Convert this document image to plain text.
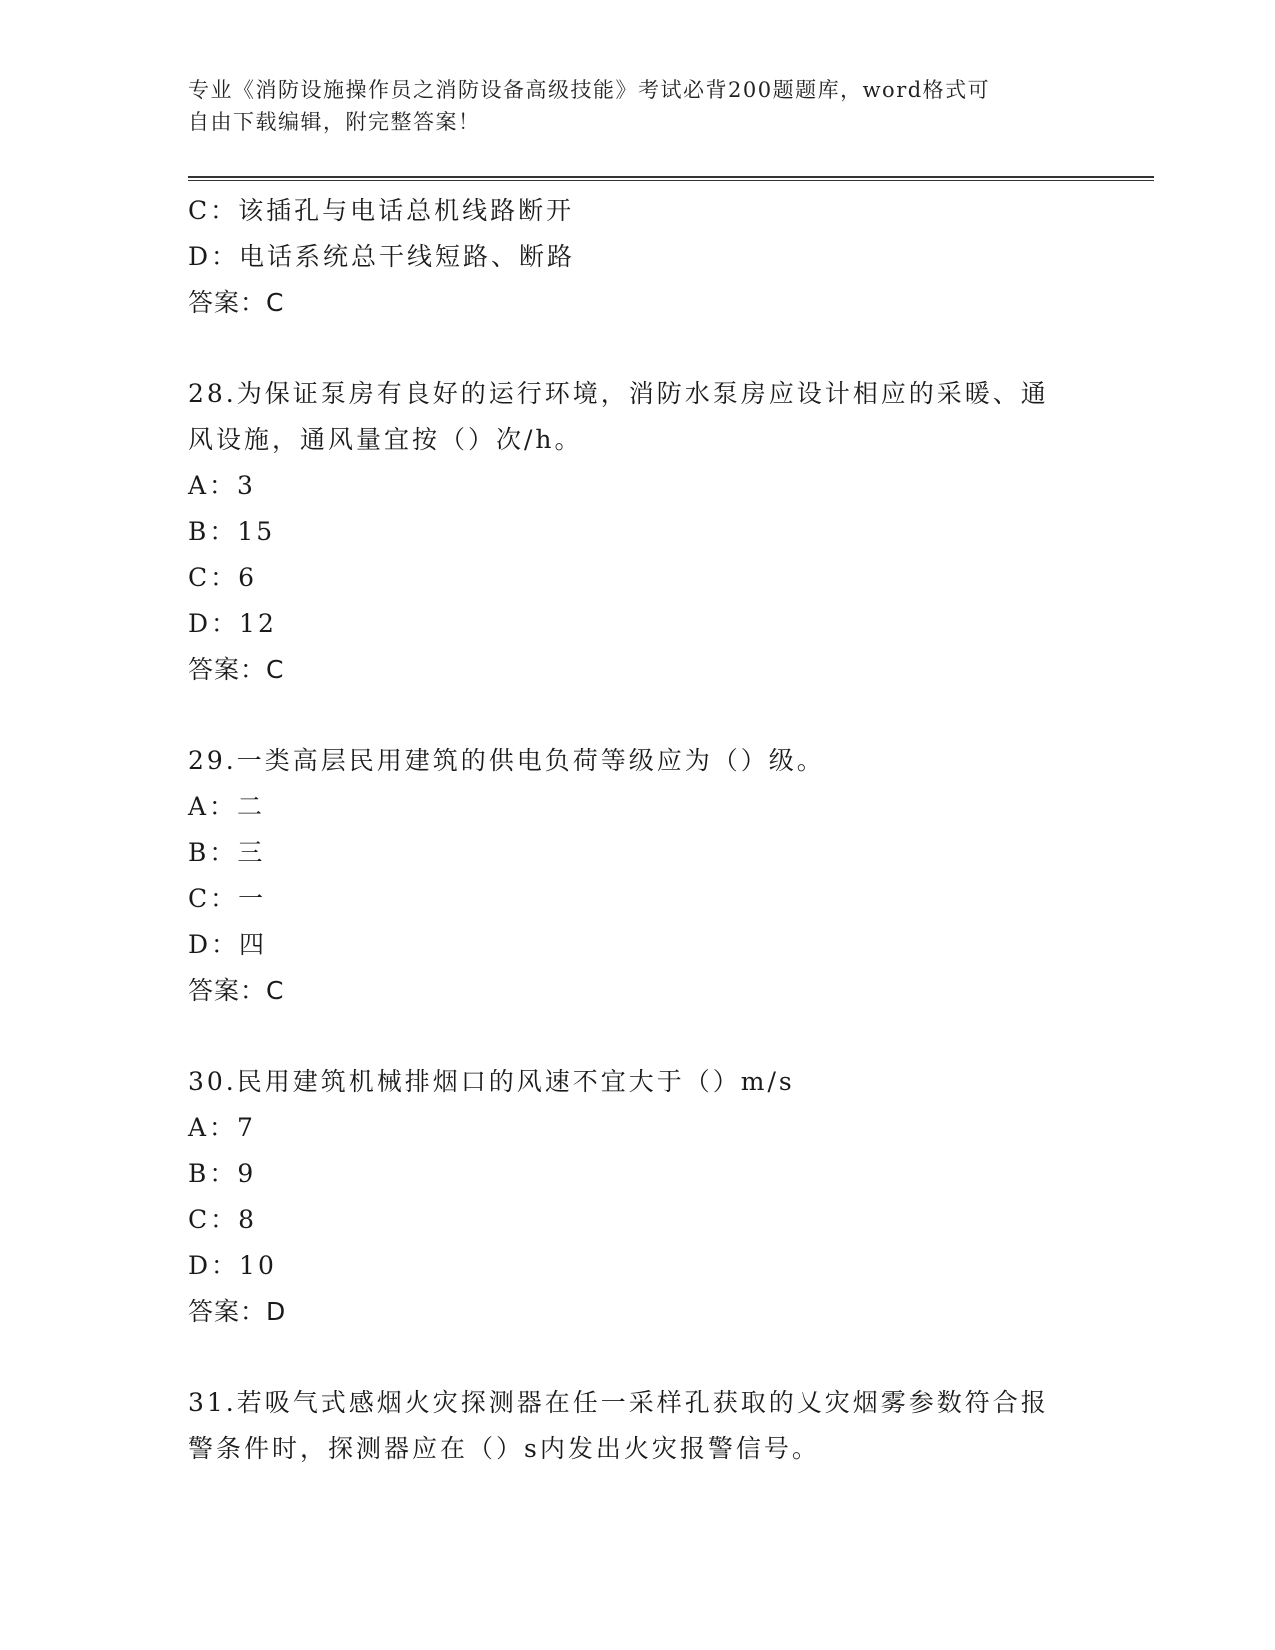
专业《消防设施操作员之消防设备高级技能》考试必背200题题库，word格式可
自由下载编辑，附完整答案！
C：该插孔与电话总机线路断开
D：电话系统总干线短路、断路
答案：C
28.为保证泵房有良好的运行环境，消防水泵房应设计相应的采暖、通
风设施，通风量宜按（）次/h。
A：3
B：15
C：6
D：12
答案：C
29.一类高层民用建筑的供电负荷等级应为（）级。
A：二
B：三
C：一
D：四
答案：C
30.民用建筑机械排烟口的风速不宜大于（）m/s
A：7
B：9
C：8
D：10
答案：D
31.若吸气式感烟火灾探测器在任一采样孔获取的乂灾烟雾参数符合报
警条件时，探测器应在（）s内发出火灾报警信号。
